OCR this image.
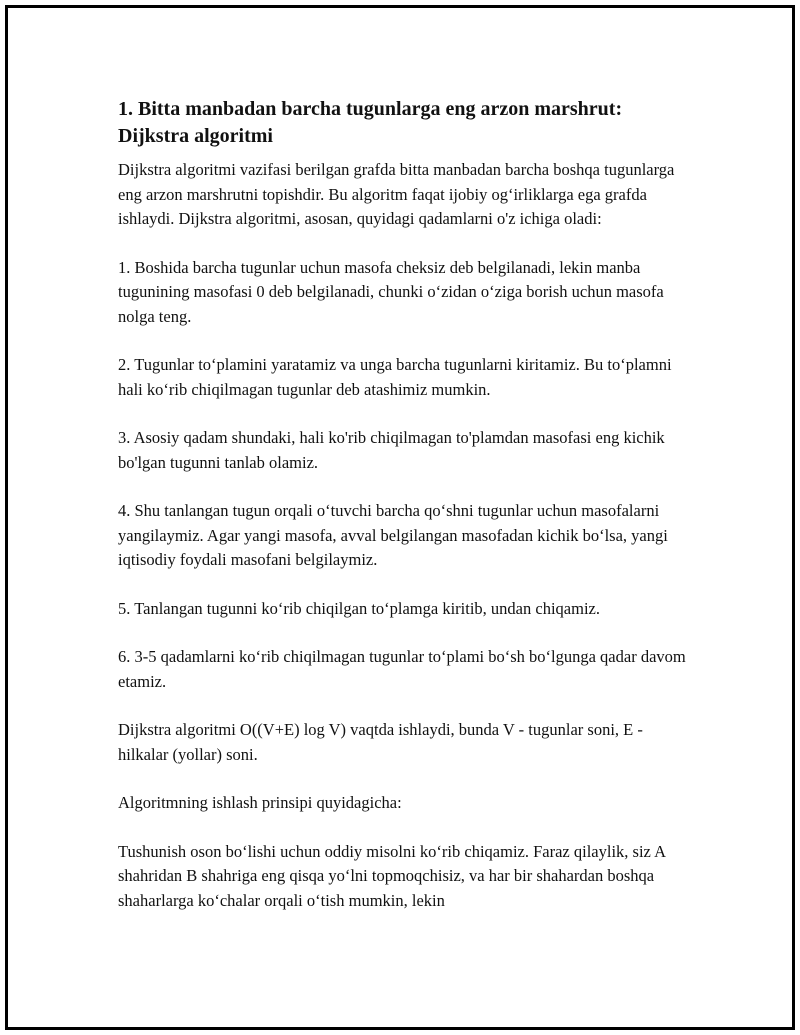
1. Bitta manbadan barcha tugunlarga eng arzon marshrut: Dijkstra algoritmi

Dijkstra algoritmi vazifasi berilgan grafda bitta manbadan barcha boshqa tugunlarga eng arzon marshrutni topishdir. Bu algoritm faqat ijobiy og‘irliklarga ega grafda ishlaydi. Dijkstra algoritmi, asosan, quyidagi qadamlarni o'z ichiga oladi:

1. Boshida barcha tugunlar uchun masofa cheksiz deb belgilanadi, lekin manba tugunining masofasi 0 deb belgilanadi, chunki o‘zidan o‘ziga borish uchun masofa nolga teng.

2. Tugunlar to‘plamini yaratamiz va unga barcha tugunlarni kiritamiz. Bu to‘plamni hali ko‘rib chiqilmagan tugunlar deb atashimiz mumkin.

3. Asosiy qadam shundaki, hali ko'rib chiqilmagan to'plamdan masofasi eng kichik bo'lgan tugunni tanlab olamiz.

4. Shu tanlangan tugun orqali o‘tuvchi barcha qo‘shni tugunlar uchun masofalarni yangilaymiz. Agar yangi masofa, avval belgilangan masofadan kichik bo‘lsa, yangi iqtisodiy foydali masofani belgilaymiz.

5. Tanlangan tugunni ko‘rib chiqilgan to‘plamga kiritib, undan chiqamiz.

6. 3-5 qadamlarni ko‘rib chiqilmagan tugunlar to‘plami bo‘sh bo‘lgunga qadar davom etamiz.

Dijkstra algoritmi O((V+E) log V) vaqtda ishlaydi, bunda V - tugunlar soni, E - hilkalar (yollar) soni.

Algoritmning ishlash prinsipi quyidagicha:

Tushunish oson bo‘lishi uchun oddiy misolni ko‘rib chiqamiz. Faraz qilaylik, siz A shahridan B shahriga eng qisqa yo‘lni topmoqchisiz, va har bir shahardan boshqa shaharlarga ko‘chalar orqali o‘tish mumkin, lekin
